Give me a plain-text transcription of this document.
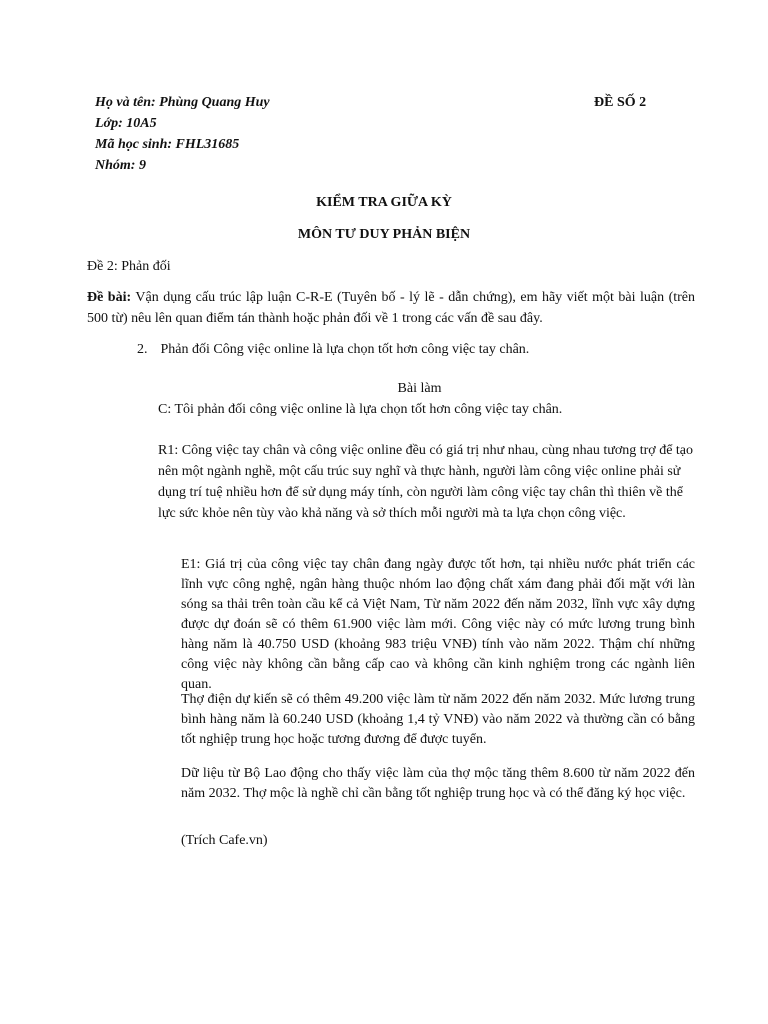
Họ và tên: Phùng Quang Huy
Lớp: 10A5
Mã học sinh: FHL31685
Nhóm: 9
ĐỀ SỐ 2
KIỂM TRA GIỮA KỲ
MÔN TƯ DUY PHẢN BIỆN
Đề 2: Phản đối
Đề bài: Vận dụng cấu trúc lập luận C-R-E (Tuyên bố - lý lẽ - dẫn chứng), em hãy viết một bài luận (trên 500 từ) nêu lên quan điểm tán thành hoặc phản đối về 1 trong các vấn đề sau đây.
2. Phản đối Công việc online là lựa chọn tốt hơn công việc tay chân.
Bài làm
C: Tôi phản đối công việc online là lựa chọn tốt hơn công việc tay chân.
R1: Công việc tay chân và công việc online đều có giá trị như nhau, cùng nhau tương trợ để tạo nên một ngành nghề, một cấu trúc suy nghĩ và thực hành, người làm công việc online phải sử dụng trí tuệ nhiều hơn để sử dụng máy tính, còn người làm công việc tay chân thì thiên về thể lực sức khỏe nên tùy vào khả năng và sở thích mỗi người mà ta lựa chọn công việc.
E1: Giá trị của công việc tay chân đang ngày được tốt hơn, tại nhiều nước phát triển các lĩnh vực công nghệ, ngân hàng thuộc nhóm lao động chất xám đang phải đối mặt với làn sóng sa thải trên toàn cầu kể cả Việt Nam, Từ năm 2022 đến năm 2032, lĩnh vực xây dựng được dự đoán sẽ có thêm 61.900 việc làm mới. Công việc này có mức lương trung bình hàng năm là 40.750 USD (khoảng 983 triệu VNĐ) tính vào năm 2022. Thậm chí những công việc này không cần bằng cấp cao và không cần kinh nghiệm trong các ngành liên quan.
Thợ điện dự kiến sẽ có thêm 49.200 việc làm từ năm 2022 đến năm 2032. Mức lương trung bình hàng năm là 60.240 USD (khoảng 1,4 tỷ VNĐ) vào năm 2022 và thường cần có bằng tốt nghiệp trung học hoặc tương đương để được tuyển.
Dữ liệu từ Bộ Lao động cho thấy việc làm của thợ mộc tăng thêm 8.600 từ năm 2022 đến năm 2032. Thợ mộc là nghề chỉ cần bằng tốt nghiệp trung học và có thể đăng ký học việc.
(Trích Cafe.vn)
